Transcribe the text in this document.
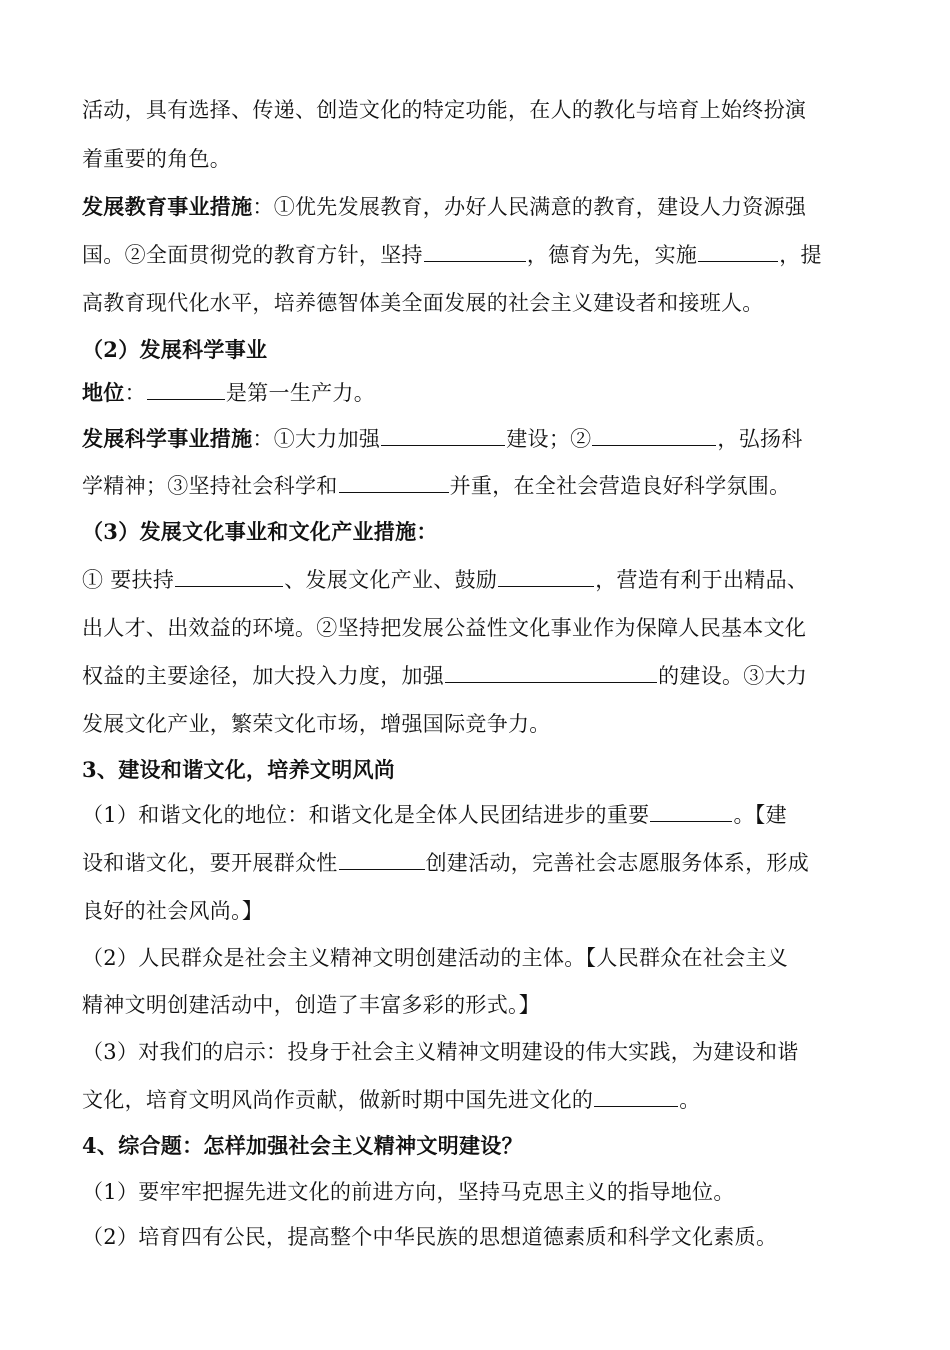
活动，具有选择、传递、创造文化的特定功能，在人的教化与培育上始终扮演
着重要的角色。
发展教育事业措施：①优先发展教育，办好人民满意的教育，建设人力资源强
国。②全面贯彻党的教育方针，坚持	，德育为先，实施	，提
高教育现代化水平，培养德智体美全面发展的社会主义建设者和接班人。
（2）发展科学事业
地位：	是第一生产力。
发展科学事业措施：①大力加强	建设；②	，弘扬科
学精神；③坚持社会科学和	并重，在全社会营造良好科学氛围。
（3）发展文化事业和文化产业措施：
① 要扶持	、发展文化产业、鼓励	，营造有利于出精品、
出人才、出效益的环境。②坚持把发展公益性文化事业作为保障人民基本文化
权益的主要途径，加大投入力度，加强	的建设。③大力
发展文化产业，繁荣文化市场，增强国际竞争力。
3、建设和谐文化，培养文明风尚
（1）和谐文化的地位：和谐文化是全体人民团结进步的重要	。【建
设和谐文化，要开展群众性	创建活动，完善社会志愿服务体系，形成
良好的社会风尚。】
（2）人民群众是社会主义精神文明创建活动的主体。【人民群众在社会主义
精神文明创建活动中，创造了丰富多彩的形式。】
（3）对我们的启示：投身于社会主义精神文明建设的伟大实践，为建设和谐
文化，培育文明风尚作贡献，做新时期中国先进文化的	。
4、综合题：怎样加强社会主义精神文明建设？
（1）要牢牢把握先进文化的前进方向，坚持马克思主义的指导地位。
（2）培育四有公民，提高整个中华民族的思想道德素质和科学文化素质。
